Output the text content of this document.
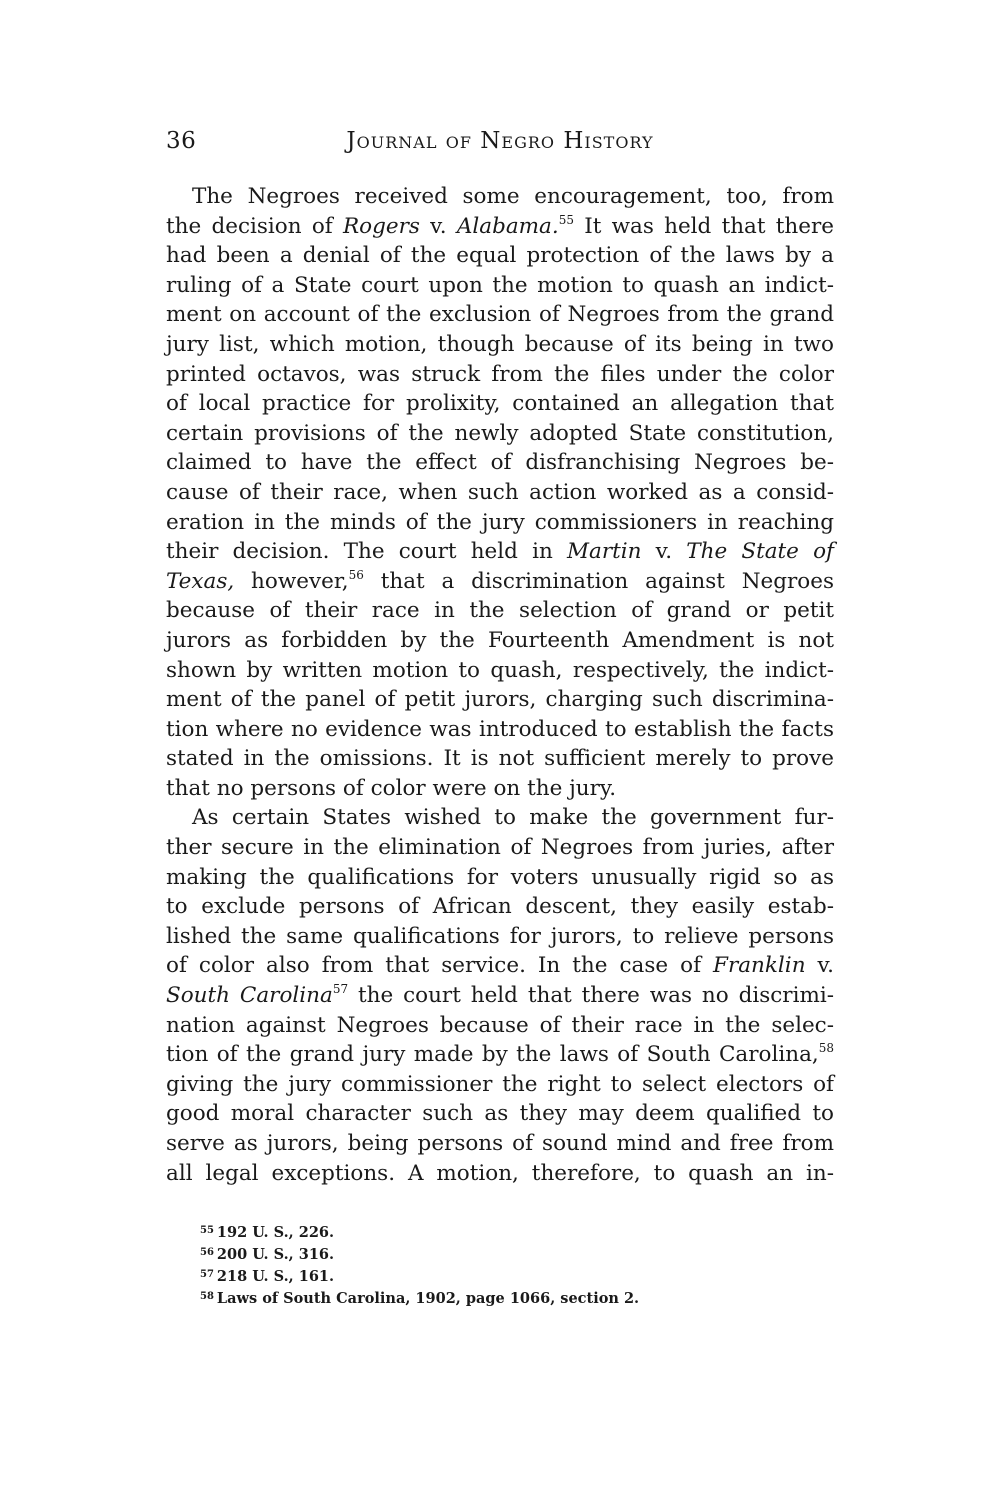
36	Journal of Negro History
The Negroes received some encouragement, too, from
the decision of Rogers v. Alabama.$^{55}$ It was held that there
had been a denial of the equal protection of the laws by a
ruling of a State court upon the motion to quash an indict-
ment on account of the exclusion of Negroes from the grand
jury list, which motion, though because of its being in two
printed octavos, was struck from the files under the color
of local practice for prolixity, contained an allegation that
certain provisions of the newly adopted State constitution,
claimed to have the effect of disfranchising Negroes be-
cause of their race, when such action worked as a consid-
eration in the minds of the jury commissioners in reaching
their decision. The court held in Martin v. The State of
Texas, however,$^{56}$ that a discrimination against Negroes
because of their race in the selection of grand or petit
jurors as forbidden by the Fourteenth Amendment is not
shown by written motion to quash, respectively, the indict-
ment of the panel of petit jurors, charging such discrimina-
tion where no evidence was introduced to establish the facts
stated in the omissions. It is not sufficient merely to prove
that no persons of color were on the jury.
As certain States wished to make the government fur-
ther secure in the elimination of Negroes from juries, after
making the qualifications for voters unusually rigid so as
to exclude persons of African descent, they easily estab-
lished the same qualifications for jurors, to relieve persons
of color also from that service. In the case of Franklin v.
South Carolina$^{57}$ the court held that there was no discrimi-
nation against Negroes because of their race in the selec-
tion of the grand jury made by the laws of South Carolina,$^{58}$
giving the jury commissioner the right to select electors of
good moral character such as they may deem qualified to
serve as jurors, being persons of sound mind and free from
all legal exceptions. A motion, therefore, to quash an in-
$^{55}$ 192 U. S., 226.
$^{56}$ 200 U. S., 316.
$^{57}$ 218 U. S., 161.
$^{58}$ Laws of South Carolina, 1902, page 1066, section 2.
